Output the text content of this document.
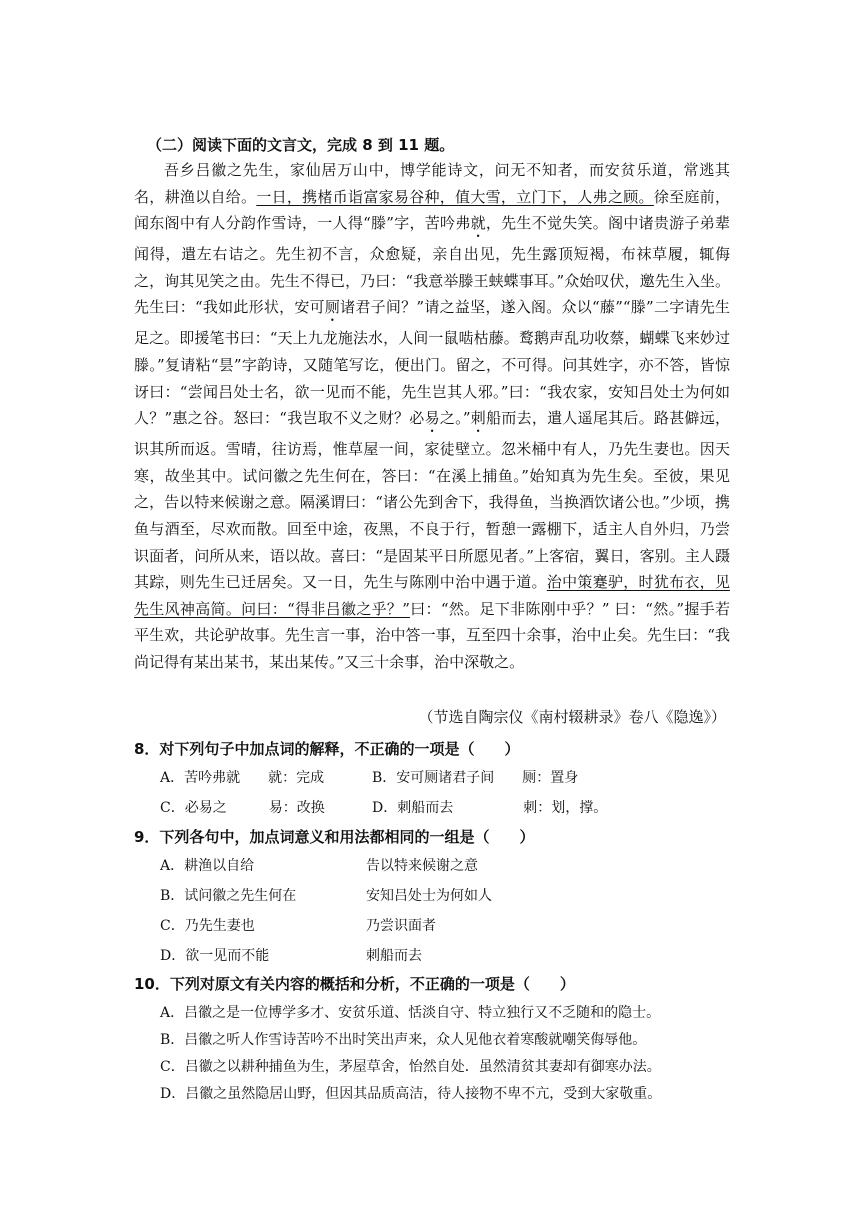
（二）阅读下面的文言文，完成 8 到 11 题。
吾乡吕徽之先生，家仙居万山中，博学能诗文，问无不知者，而安贫乐道，常逃其名，耕渔以自给。一日，携楮币诣富家易谷种，值大雪，立门下，人弗之顾。徐至庭前，闻东阁中有人分韵作雪诗，一人得“滕”字，苦吟弗就，先生不觉失笑。阁中诸贵游子弟辈闻得，遣左右诘之。先生初不言，众愈疑，亲自出见，先生露顶短褐，布袜草履，辄侮之，询其见笑之由。先生不得已，乃曰：“我意举滕王蛱蝶事耳。”众始叹伏，邀先生入坐。先生曰：“我如此形状，安可厕诸君子间？”请之益坚，遂入阁。众以“藤”“滕”二字请先生足之。即援笔书曰：“天上九龙施法水，人间一鼠啮枯藤。鹜鹅声乱功收蔡，蝴蝶飞来妙过滕。”复请粘“昙”字韵诗，又随笔写讫，便出门。留之，不可得。问其姓字，亦不答，皆惊讶曰：“尝闻吕处士名，欲一见而不能，先生岂其人邪。”曰：“我农家，安知吕处士为何如人？”惠之谷。怒曰：“我岂取不义之财？必易之。”刺船而去，遣人遥尾其后。路甚僻远，识其所而返。雪晴，往访焉，惟草屋一间，家徒壁立。忽米桶中有人，乃先生妻也。因天寒，故坐其中。试问徽之先生何在，答曰：“在溪上捕鱼。”始知真为先生矣。至彼，果见之，告以特来候谢之意。隔溪谓曰：“诸公先到舍下，我得鱼，当换酒饮诸公也。”少顷，携鱼与酒至，尽欢而散。回至中途，夜黑，不良于行，暂憩一露棚下，适主人自外归，乃尝识面者，问所从来，语以故。喜曰：“是固某平日所愿见者。”上客宿，翼日，客别。主人蹑其踪，则先生已迁居矣。又一日，先生与陈刚中治中遇于道。治中策蹇驴，时犹布衣，见先生风神高简。问曰：“得非吕徽之乎？”曰：“然。足下非陈刚中乎？” 曰：“然。”握手若平生欢，共论驴故事。先生言一事，治中答一事，互至四十余事，治中止矣。先生曰：“我尚记得有某出某书，某出某传。”又三十余事，治中深敬之。
（节选自陶宗仪《南村辍耕录》卷八《隐逸》）
8．对下列句子中加点词的解释，不正确的一项是（　　）
A．苦吟弗就　　就：完成	B．安可厕诸君子间　　厕：置身
C．必易之　　　易：改换	D．刺船而去　　　　　刺：划，撑。
9．下列各句中，加点词意义和用法都相同的一组是（　　）
A．耕渔以自给	告以特来候谢之意
B．试问徽之先生何在	安知吕处士为何如人
C．乃先生妻也	乃尝识面者
D．欲一见而不能	刺船而去
10．下列对原文有关内容的概括和分析，不正确的一项是（　　）
A．吕徽之是一位博学多才、安贫乐道、恬淡自守、特立独行又不乏随和的隐士。
B．吕徽之听人作雪诗苦吟不出时笑出声来，众人见他衣着寒酸就嘲笑侮辱他。
C．吕徽之以耕种捕鱼为生，茅屋草舍，怡然自处．虽然清贫其妻却有御寒办法。
D．吕徽之虽然隐居山野，但因其品质高洁，待人接物不卑不亢，受到大家敬重。
